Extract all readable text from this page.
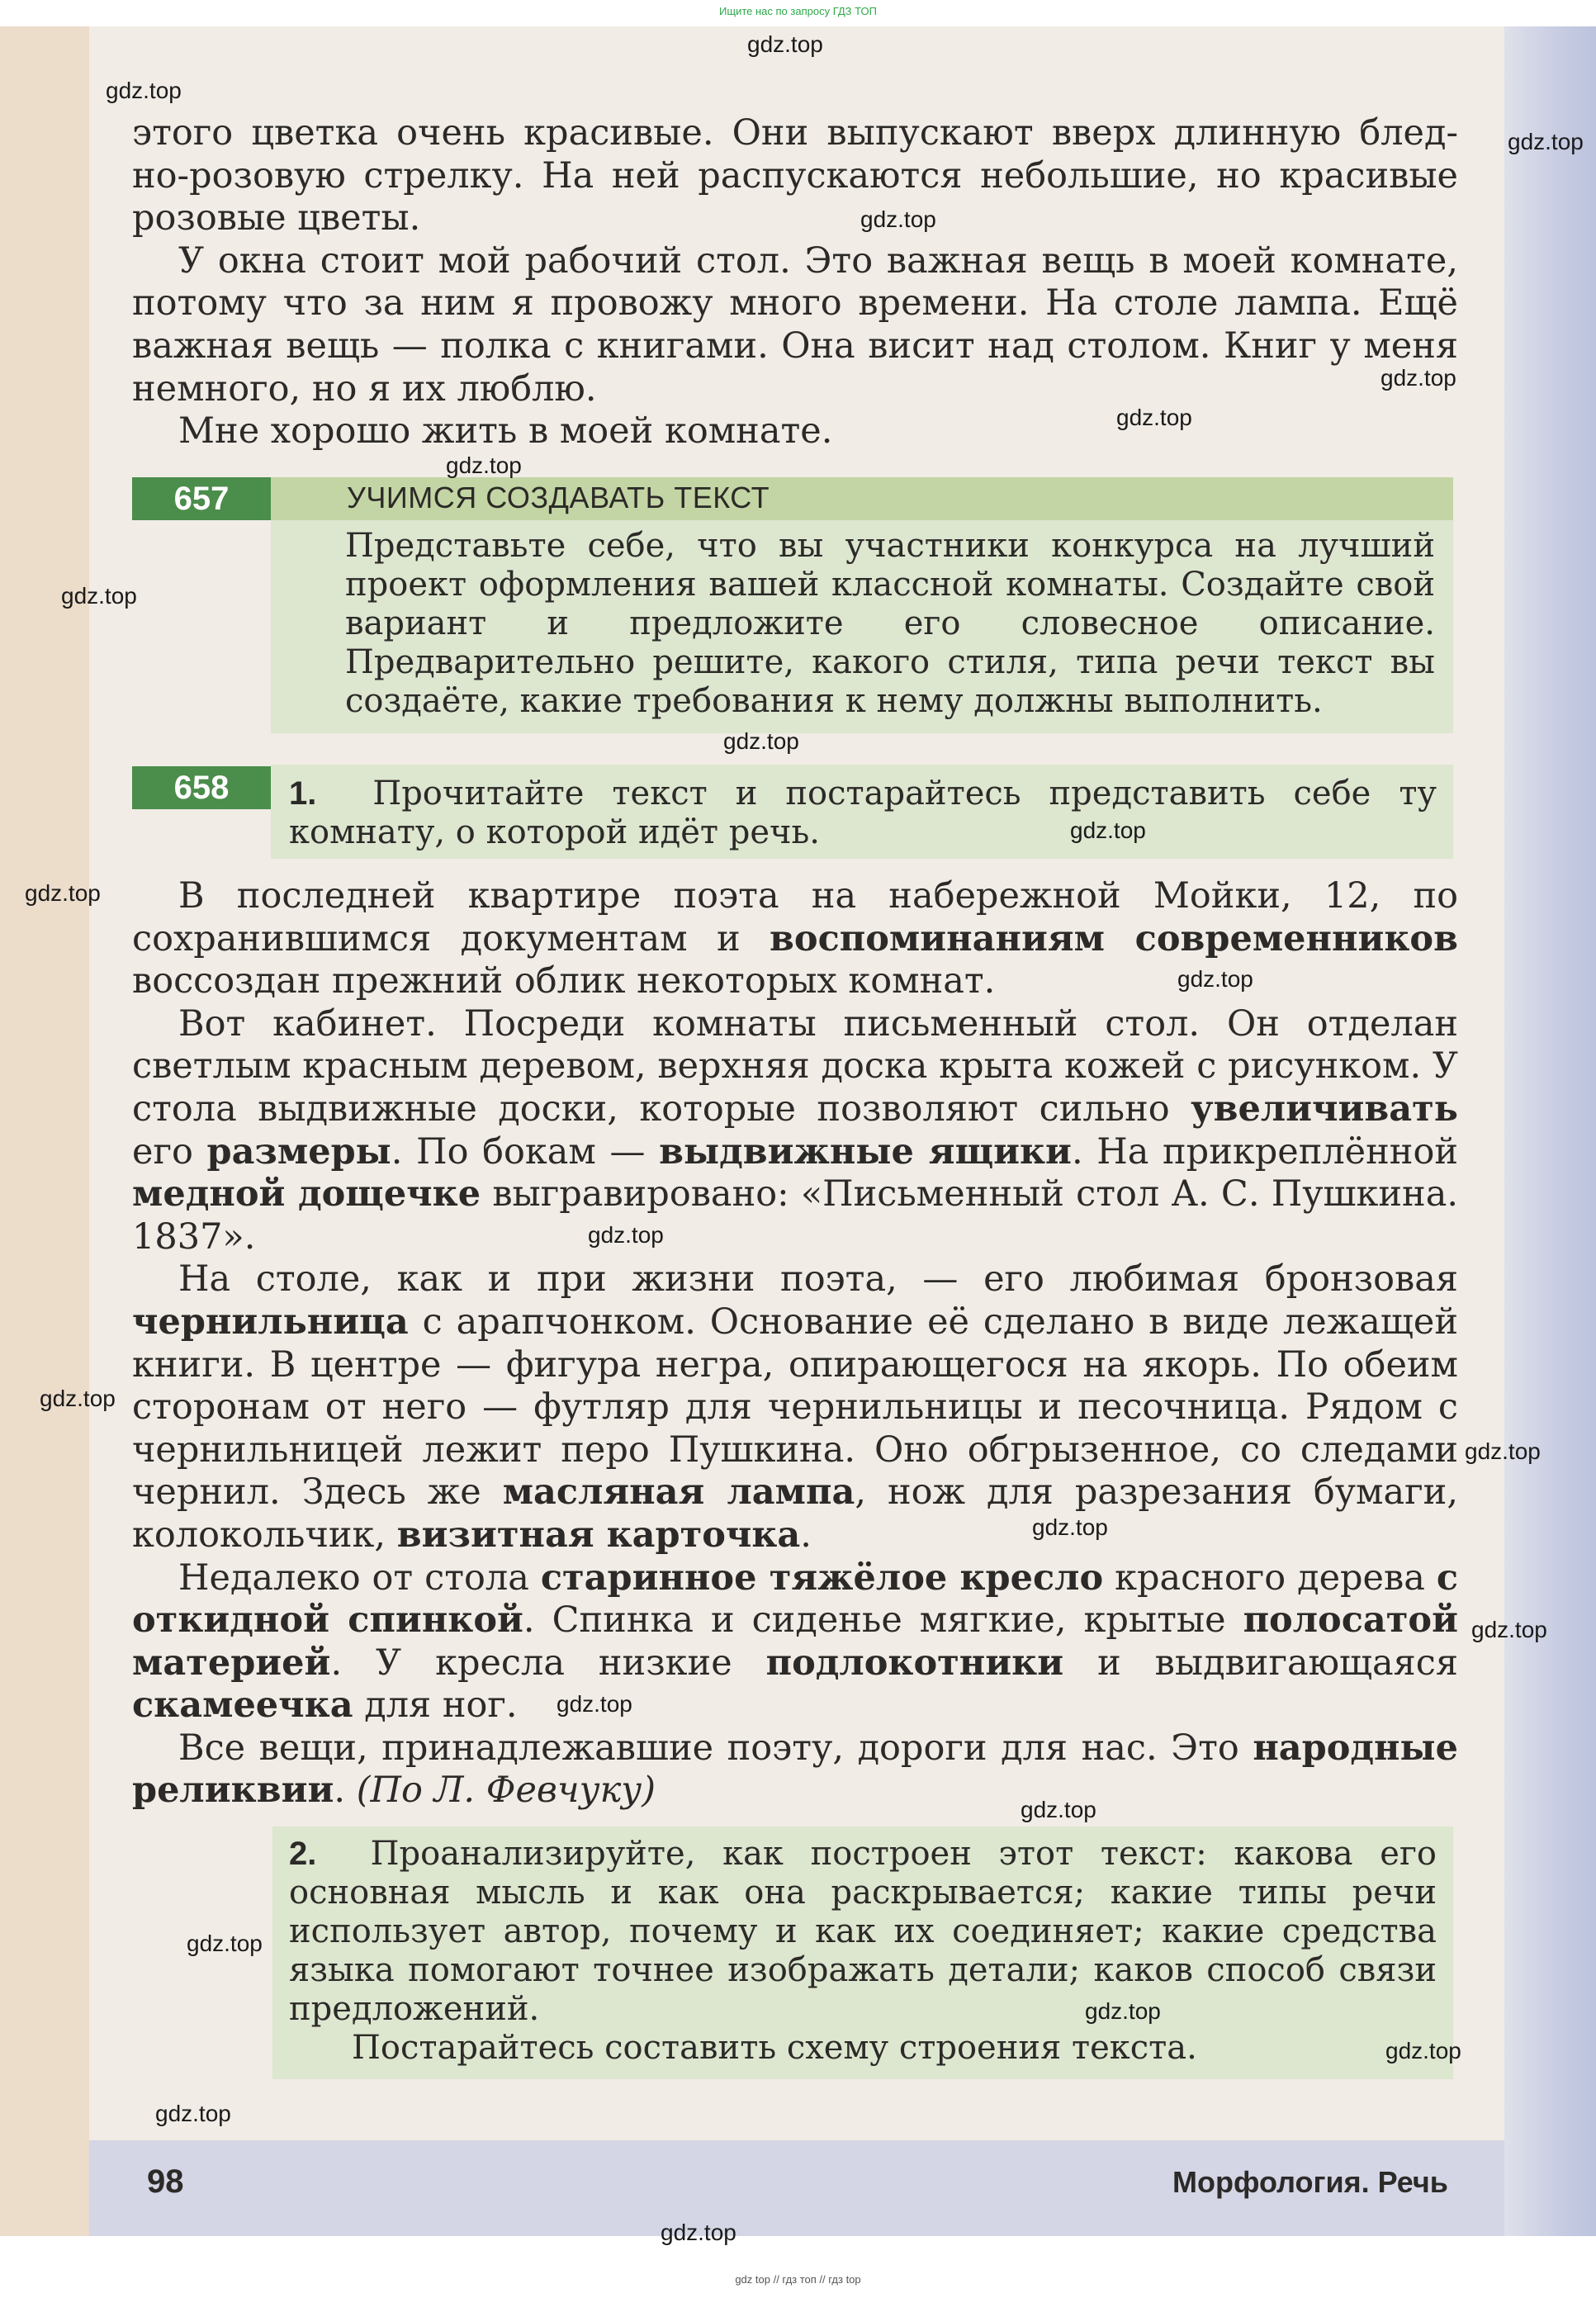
Ищите нас по запросу ГДЗ ТОП
gdz top // гдз топ // гдз top

этого цветка очень красивые. Они выпускают вверх длинную блед-но-розовую стрелку. На ней распускаются небольшие, но красивые розовые цветы.

У окна стоит мой рабочий стол. Это важная вещь в моей комнате, потому что за ним я провожу много времени. На столе лампа. Ещё важная вещь — полка с книгами. Она висит над столом. Книг у меня немного, но я их люблю.

Мне хорошо жить в моей комнате.

657	УЧИМСЯ СОЗДАВАТЬ ТЕКСТ

Представьте себе, что вы участники конкурса на лучший проект оформления вашей классной комнаты. Создайте свой вариант и предложите его словесное описание. Предварительно решите, какого стиля, типа речи текст вы создаёте, какие требования к нему должны выполнить.

658	1. Прочитайте текст и постарайтесь представить себе ту комнату, о которой идёт речь.

В последней квартире поэта на набережной Мойки, 12, по сохранившимся документам и воспоминаниям современников воссоздан прежний облик некоторых комнат.

Вот кабинет. Посреди комнаты письменный стол. Он отделан светлым красным деревом, верхняя доска крыта кожей с рисунком. У стола выдвижные доски, которые позволяют сильно увеличивать его размеры. По бокам — выдвижные ящики. На прикреплённой медной дощечке выгравировано: «Письменный стол А. С. Пушкина. 1837».

На столе, как и при жизни поэта, — его любимая бронзовая чернильница с арапчонком. Основание её сделано в виде лежащей книги. В центре — фигура негра, опирающегося на якорь. По обеим сторонам от него — футляр для чернильницы и песочница. Рядом с чернильницей лежит перо Пушкина. Оно обгрызенное, со следами чернил. Здесь же масляная лампа, нож для разрезания бумаги, колокольчик, визитная карточка.

Недалеко от стола старинное тяжёлое кресло красного дерева с откидной спинкой. Спинка и сиденье мягкие, крытые полосатой материей. У кресла низкие подлокотники и выдвигающаяся скамеечка для ног.

Все вещи, принадлежавшие поэту, дороги для нас. Это народные реликвии. (По Л. Февчуку)

2. Проанализируйте, как построен этот текст: какова его основная мысль и как она раскрывается; какие типы речи использует автор, почему и как их соединяет; какие средства языка помогают точнее изображать детали; каков способ связи предложений.

Постарайтесь составить схему строения текста.

98	Морфология. Речь
gdz.top
gdz.top
gdz.top
gdz.top
gdz.top
gdz.top
gdz.top
gdz.top
gdz.top
gdz.top
gdz.top
gdz.top
gdz.top
gdz.top
gdz.top
gdz.top
gdz.top
gdz.top
gdz.top
gdz.top
gdz.top
gdz.top
gdz.top
gdz.top
